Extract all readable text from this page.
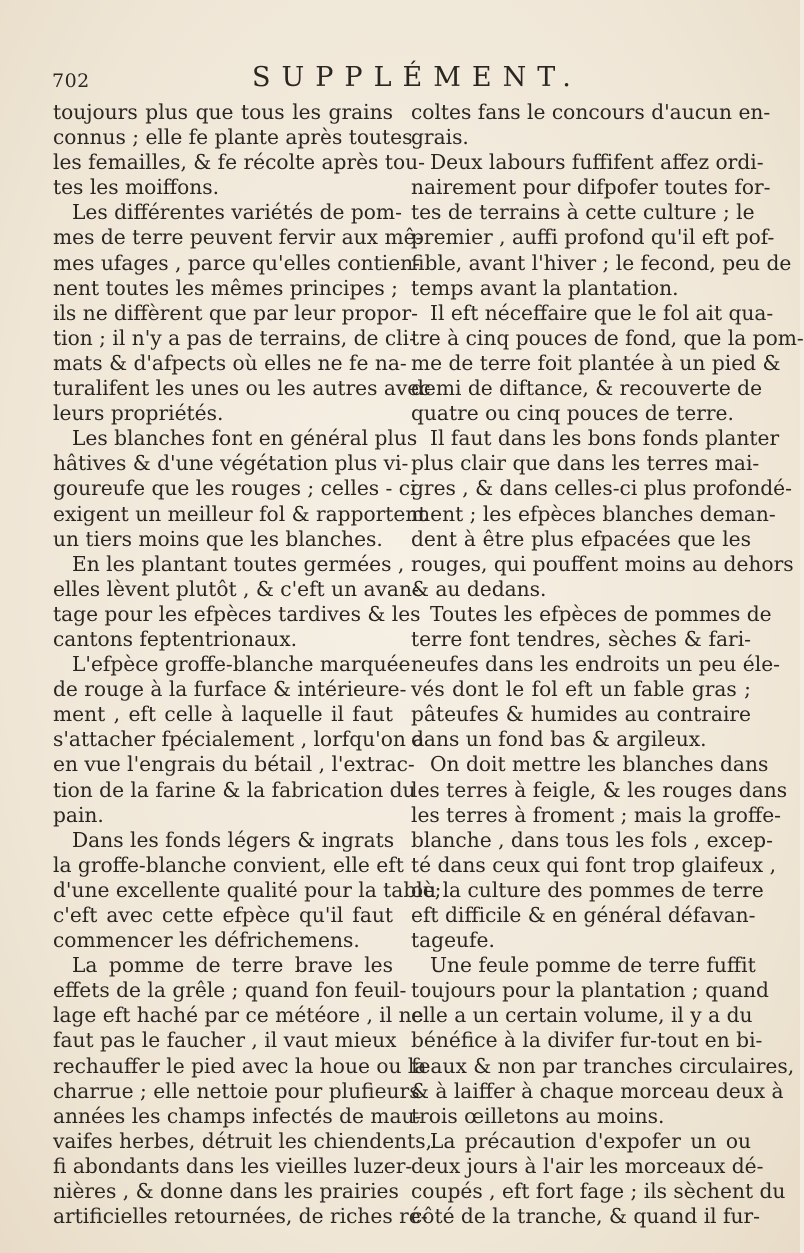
702	SUPPLÉMENT.
toujours plus que tous les grains
connus ; elle fe plante après toutes
les femailles, & fe récolte après tou-
tes les moiffons.
Les différentes variétés de pom-
mes de terre peuvent fervir aux mê-
mes ufages , parce qu'elles contien-
nent toutes les mêmes principes ;
ils ne diffèrent que par leur propor-
tion ; il n'y a pas de terrains, de cli-
mats & d'afpects où elles ne fe na-
turalifent les unes ou les autres avec
leurs propriétés.
Les blanches font en général plus
hâtives & d'une végétation plus vi-
goureufe que les rouges ; celles - ci
exigent un meilleur fol & rapportent
un tiers moins que les blanches.
En les plantant toutes germées ,
elles lèvent plutôt , & c'eft un avan-
tage pour les efpèces tardives & les
cantons feptentrionaux.
L'efpèce groffe-blanche marquée
de rouge à la furface & intérieure-
ment , eft celle à laquelle il faut
s'attacher fpécialement , lorfqu'on a
en vue l'engrais du bétail , l'extrac-
tion de la farine & la fabrication du
pain.
Dans les fonds légers & ingrats
la groffe-blanche convient, elle eft
d'une excellente qualité pour la table;
c'eft avec cette efpèce qu'il faut
commencer les défrichemens.
La pomme de terre brave les
effets de la grêle ; quand fon feuil-
lage eft haché par ce météore , il ne
faut pas le faucher , il vaut mieux
rechauffer le pied avec la houe ou la
charrue ; elle nettoie pour plufieurs
années les champs infectés de mau-
vaifes herbes, détruit les chiendents,
fi abondants dans les vieilles luzer-
nières , & donne dans les prairies
artificielles retournées, de riches ré-
coltes fans le concours d'aucun en-
grais.
Deux labours fuffifent affez ordi-
nairement pour difpofer toutes for-
tes de terrains à cette culture ; le
premier , auffi profond qu'il eft pof-
fible, avant l'hiver ; le fecond, peu de
temps avant la plantation.
Il eft néceffaire que le fol ait qua-
tre à cinq pouces de fond, que la pom-
me de terre foit plantée à un pied &
demi de diftance, & recouverte de
quatre ou cinq pouces de terre.
Il faut dans les bons fonds planter
plus clair que dans les terres mai-
gres , & dans celles-ci plus profondé-
ment ; les efpèces blanches deman-
dent à être plus efpacées que les
rouges, qui pouffent moins au dehors
& au dedans.
Toutes les efpèces de pommes de
terre font tendres, sèches & fari-
neufes dans les endroits un peu éle-
vés dont le fol eft un fable gras ;
pâteufes & humides au contraire
dans un fond bas & argileux.
On doit mettre les blanches dans
les terres à feigle, & les rouges dans
les terres à froment ; mais la groffe-
blanche , dans tous les fols , excep-
té dans ceux qui font trop glaifeux ,
où la culture des pommes de terre
eft difficile & en général défavan-
tageufe.
Une feule pomme de terre fuffit
toujours pour la plantation ; quand
elle a un certain volume, il y a du
bénéfice à la divifer fur-tout en bi-
feaux & non par tranches circulaires,
& à laiffer à chaque morceau deux à
trois œilletons au moins.
La précaution d'expofer un ou
deux jours à l'air les morceaux dé-
coupés , eft fort fage ; ils sèchent du
côté de la tranche, & quand il fur-
